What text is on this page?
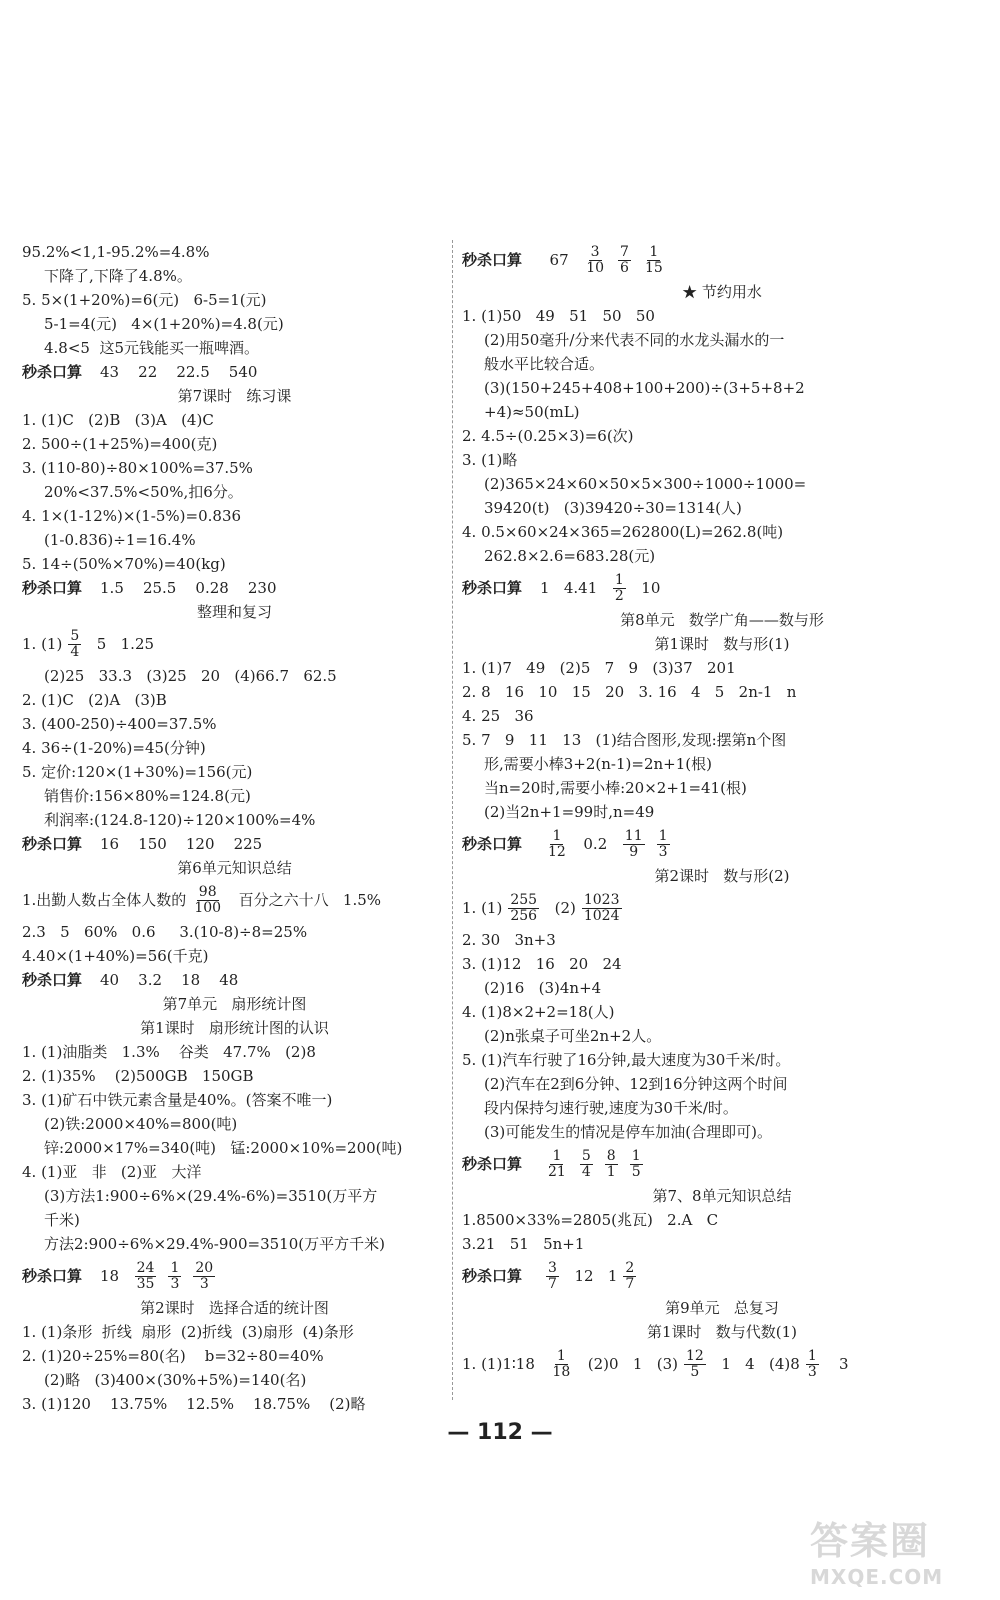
95.2%<1,1-95.2%=4.8%
下降了,下降了4.8%。
5. 5×(1+20%)=6(元)   6-5=1(元)
5-1=4(元)   4×(1+20%)=4.8(元)
4.8<5  这5元钱能买一瓶啤酒。
秒杀口算 43    22    22.5    540
第7课时   练习课
1. (1)C   (2)B   (3)A   (4)C
2. 500÷(1+25%)=400(克)
3. (110-80)÷80×100%=37.5%
20%<37.5%<50%,扣6分。
4. 1×(1-12%)×(1-5%)=0.836
(1-0.836)÷1=16.4%
5. 14÷(50%×70%)=40(kg)
秒杀口算 1.5    25.5    0.28    230
整理和复习
1. $(1) \frac{5}{4} 5$   1.25
(2)25   33.3   (3)25   20   (4)66.7   62.5
2. (1)C   (2)A   (3)B
3. (400-250)÷400=37.5%
4. 36÷(1-20%)=45(分钟)
5. 定价:120×(1+30%)=156(元)
销售价:156×80%=124.8(元)
利润率:(124.8-120)÷120×100%=4%
秒杀口算 16    150    120    225
第6单元知识总结
1.出勤人数占全体人数的 $\frac{98}{100}$ 百分之六十八   1.5%
2.3   5   60%   0.6     3.(10-8)÷8=25%
4.40×(1+40%)=56(千克)
秒杀口算 40    3.2    18    48
第7单元   扇形统计图
第1课时   扇形统计图的认识
1. (1)油脂类   1.3%    谷类   47.7%   (2)8
2. (1)35%    (2)500GB   150GB
3. (1)矿石中铁元素含量是40%。(答案不唯一)
(2)铁:2000×40%=800(吨)
锌:2000×17%=340(吨)   锰:2000×10%=200(吨)
4. (1)亚   非   (2)亚   大洋
(3)方法1:900÷6%×(29.4%-6%)=3510(万平方
千米)
方法2:900÷6%×29.4%-900=3510(万平方千米)
秒杀口算 $18 \frac{24}{35} \frac{1}{3} \frac{20}{3}$
第2课时   选择合适的统计图
1. (1)条形  折线  扇形  (2)折线  (3)扇形  (4)条形
2. (1)20÷25%=80(名)    b=32÷80=40%
(2)略   (3)400×(30%+5%)=140(名)
3. (1)120    13.75%    12.5%    18.75%    (2)略
秒杀口算 $67 \frac{3}{10} \frac{7}{6} \frac{1}{15}$
★ 节约用水
1. (1)50   49   51   50   50
(2)用50毫升/分来代表不同的水龙头漏水的一
般水平比较合适。
(3)(150+245+408+100+200)÷(3+5+8+2
+4)≈50(mL)
2. 4.5÷(0.25×3)=6(次)
3. (1)略
(2)365×24×60×50×5×300÷1000÷1000=
39420(t)   (3)39420÷30=1314(人)
4. 0.5×60×24×365=262800(L)=262.8(吨)
262.8×2.6=683.28(元)
秒杀口算 1   $4.41 \frac{1}{2} 10$
第8单元   数学广角——数与形
第1课时   数与形(1)
1. (1)7   49   (2)5   7   9   (3)37   201
2. 8   16   10   15   20   3. 16   4   5   2n-1   n
4. 25   36
5. 7   9   11   13   (1)结合图形,发现:摆第n个图
形,需要小棒3+2(n-1)=2n+1(根)
当n=20时,需要小棒:20×2+1=41(根)
(2)当2n+1=99时,n=49
秒杀口算 $\frac{1}{12} 0.2 \frac{11}{9} \frac{1}{3}$
第2课时   数与形(2)
1. $(1) \frac{255}{256} (2) \frac{1023}{1024}$
2. 30   3n+3
3. (1)12   16   20   24
(2)16   (3)4n+4
4. (1)8×2+2=18(人)
(2)n张桌子可坐2n+2人。
5. (1)汽车行驶了16分钟,最大速度为30千米/时。
(2)汽车在2到6分钟、12到16分钟这两个时间
段内保持匀速行驶,速度为30千米/时。
(3)可能发生的情况是停车加油(合理即可)。
秒杀口算 $\frac{1}{21} \frac{5}{4} \frac{8}{1} \frac{1}{5}$
第7、8单元知识总结
1.8500×33%=2805(兆瓦)   2.A   C
3.21   51   5n+1
秒杀口算 $\frac{3}{7} 12$   $1 \frac{2}{7}$
第9单元   总复习
第1课时   数与代数(1)
1. (1)1∶18 $\frac{1}{18} (2)0$   1   $(3) \frac{12}{5} 1$   4   $(4)8 \frac{1}{3} 3$
— 112 —
答案圈
MXQE.COM
